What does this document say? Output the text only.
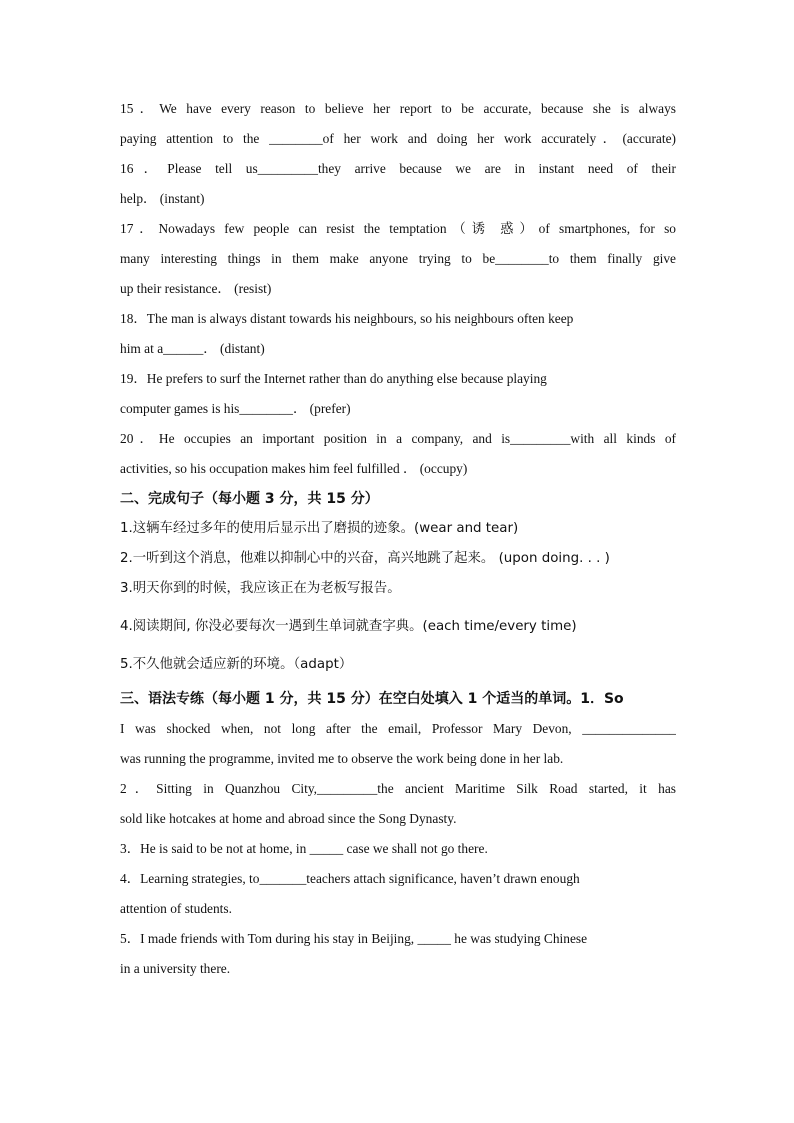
15．We have every reason to believe her report to be accurate, because she is always
paying attention to the ________of her work and doing her work accurately．(accurate)
16．Please tell us_________they arrive because we are in instant need of their
help． (instant)
17．Nowadays few people can resist the temptation（诱 惑）of smartphones, for so
many interesting things in them make anyone trying to be________to them finally give
up their resistance． (resist)
18．The man is always distant towards his neighbours, so his neighbours often keep
him at a______． (distant)
19．He prefers to surf the Internet rather than do anything else because playing
computer games is his________． (prefer)
20．He occupies an important position in a company, and is_________with all kinds of
activities, so his occupation makes him feel fulfilled ． (occupy)
二、完成句子（每小题 3 分，共 15 分）
1.这辆车经过多年的使用后显示出了磨损的迹象。(wear and tear)
2.一听到这个消息，他难以抑制心中的兴奋，高兴地跳了起来。 (upon doing. . . )
3.明天你到的时候，我应该正在为老板写报告。
4.阅读期间, 你没必要每次一遇到生单词就查字典。(each time/every time)
5.不久他就会适应新的环境。（adapt）
三、语法专练（每小题 1 分，共 15 分）在空白处填入 1 个适当的单词。1．So
I was shocked when, not long after the email, Professor Mary Devon, ______________
was running the programme, invited me to observe the work being done in her lab.
2．Sitting in Quanzhou City,_________the ancient Maritime Silk Road started, it has
sold like hotcakes at home and abroad since the Song Dynasty.
3．He is said to be not at home, in _____ case we shall not go there.
4．Learning strategies, to_______teachers attach significance, haven’t drawn enough
attention of students.
5．I made friends with Tom during his stay in Beijing, _____ he was studying Chinese
in a university there.
